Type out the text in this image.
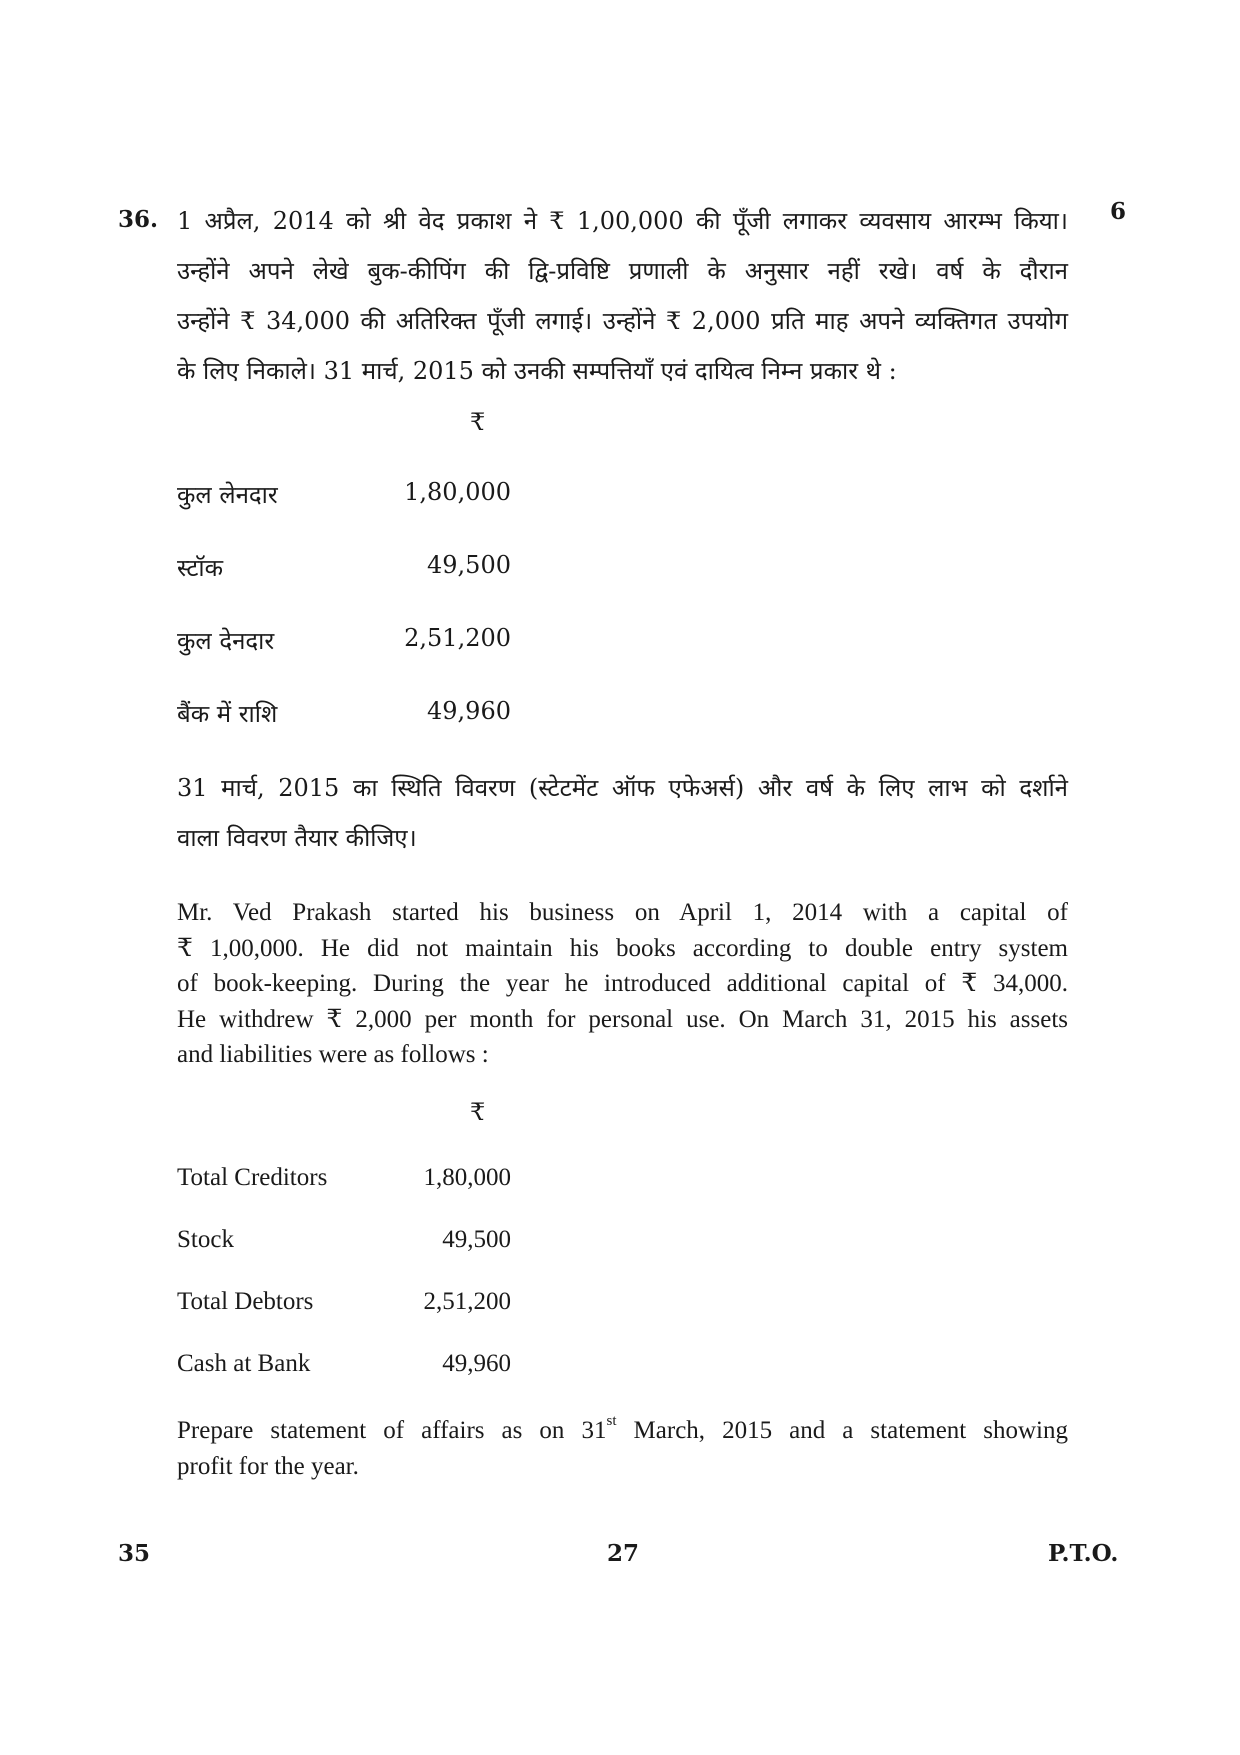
36.	6
1 अप्रैल, 2014 को श्री वेद प्रकाश ने ₹ 1,00,000 की पूँजी लगाकर व्यवसाय आरम्भ किया।
उन्होंने अपने लेखे बुक-कीपिंग की द्वि-प्रविष्टि प्रणाली के अनुसार नहीं रखे। वर्ष के दौरान
उन्होंने ₹ 34,000 की अतिरिक्त पूँजी लगाई। उन्होंने ₹ 2,000 प्रति माह अपने व्यक्तिगत उपयोग
के लिए निकाले। 31 मार्च, 2015 को उनकी सम्पत्तियाँ एवं दायित्व निम्न प्रकार थे :
₹
कुल लेनदार	1,80,000
स्टॉक	49,500
कुल देनदार	2,51,200
बैंक में राशि	49,960
31 मार्च, 2015 का स्थिति विवरण (स्टेटमेंट ऑफ एफेअर्स) और वर्ष के लिए लाभ को दर्शाने
वाला विवरण तैयार कीजिए।
Mr. Ved Prakash started his business on April 1, 2014 with a capital of
₹ 1,00,000. He did not maintain his books according to double entry system
of book-keeping. During the year he introduced additional capital of ₹ 34,000.
He withdrew ₹ 2,000 per month for personal use. On March 31, 2015 his assets
and liabilities were as follows :
₹
Total Creditors	1,80,000
Stock	49,500
Total Debtors	2,51,200
Cash at Bank	49,960
Prepare statement of affairs as on 31st March, 2015 and a statement showing
profit for the year.
35	27	P.T.O.
